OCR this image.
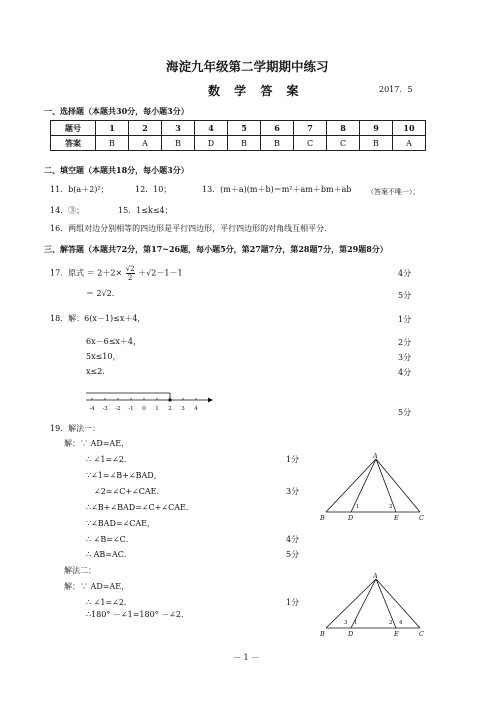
海淀九年级第二学期期中练习
数 学 答 案	2017．5
一、选择题（本题共30分，每小题3分）
题号	1	2	3	4	5	6	7	8	9	10
答案	B	A	B	D	B	B	C	C	B	A
二、填空题（本题共18分，每小题3分）
11．b(a＋2)²；	12．10；	13．(m＋a)(m＋b)＝m²＋am＋bm＋ab （答案不唯一）；
14．③；	15．1≤k≤4；
16．两组对边分别相等的四边形是平行四边形，平行四边形的对角线互相平分．
三、解答题（本题共72分，第17~26题，每小题5分，第27题7分，第28题7分，第29题8分）
17．原式 ＝ $2+2\times \frac{√2}{2} +√2-1-1$	4分
＝ 2√2．	5分
18．解：6(x－1)≤x＋4，	1分
6x－6≤x＋4，	2分
5x≤10，	3分
x≤2．	4分
-4 -3 -2 -1 0 1 2 3 4	5分
19．解法一：
解：∵ AD=AE，
∴ ∠1=∠2．	1分
∵∠1=∠B+∠BAD，
∠2=∠C+∠CAE．	3分
∴∠B+∠BAD=∠C+∠CAE．
∵∠BAD=∠CAE，
∴ ∠B=∠C．	4分
∴ AB=AC．	5分
A
B	D	E	C
1	2
解法二：
解：∵ AD=AE，
∴ ∠1=∠2．	1分
∴180° －∠1=180° －∠2．
A
B	D	E	C
3 1	2 4
－ 1 －
